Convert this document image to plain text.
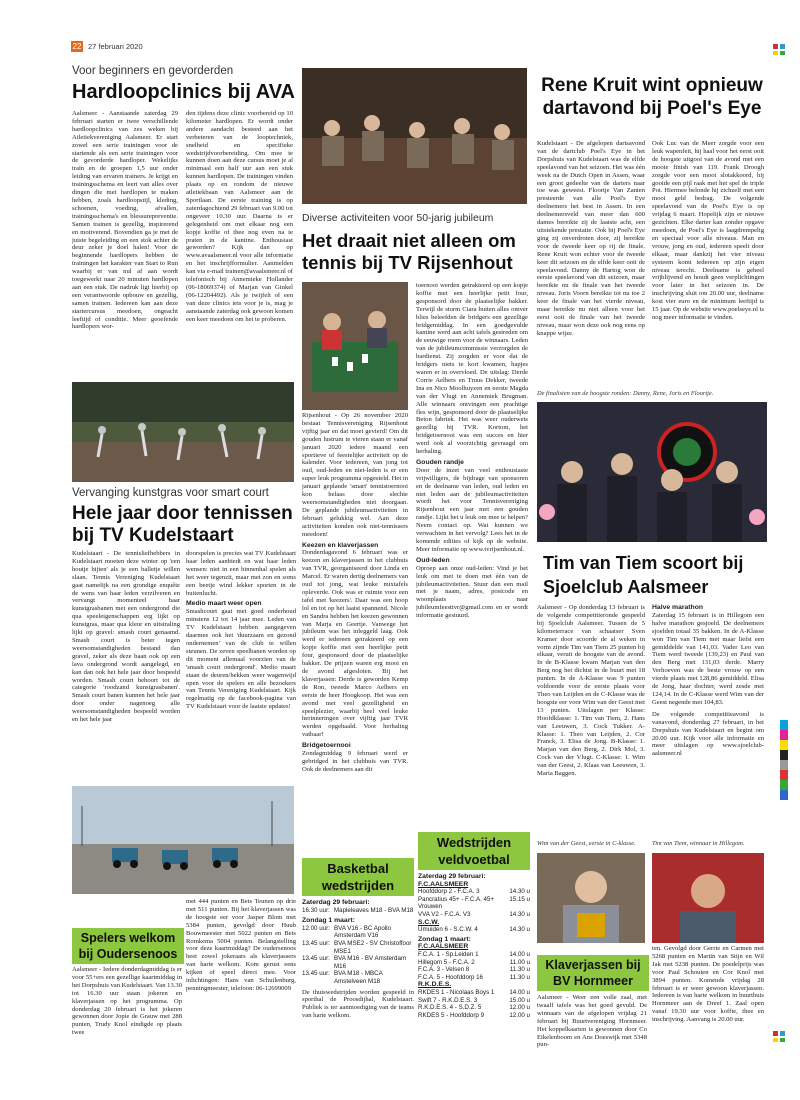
22 27 februari 2020
Voor beginners en gevorderden
Hardloopclinics bij AVA
Aalsmeer - Aanstaande zaterdag 29 februari starten er twee verschillende hardloopclinics van zes weken bij Atletiekvereniging Aalsmeer. Er start zowel een serie trainingen voor de startende als een serie trainingen voor de gevorderde hardloper. Wekelijks train en de groepen 1,5 uur onder leiding van ervaren trainers. Je krijgt en trainingsschema en leert van alles over dingen die met hardlopen te maken hebben, zoals hardloopstijl, kleding, schoenen, voeding, afvallen, trainingsschema's en blessurepreventie. Samen trainen is gezellig, inspirerend en motiverend. Bovendien ga je met de juiste begeleiding en een stok achter de deur zeker je doel halen! Voor de beginnende hardlopers hebben de trainingen het karakter van Start to Run waarbij er van nul af aan wordt toegewerkt naar 20 minuten hardlopen aan een stuk. De nadruk ligt hierbij op een verantwoorde opbouw en gezellig, samen trainen. Iedereen kan aan deze startercursus meedoen, ongeacht leeftijd of conditie. Meer geoefende hardlopers wor-
den tijdens deze clinic voorbereid op 10 kilometer hardlopen. Er wordt onder andere aandacht besteed aan het verbeteren van de looptechniek, snelheid en specifieke wedstrijdvoorbereiding. Om mee te kunnen doen aan deze cursus moet je al minimaal een half uur aan een stuk kunnen hardlopen. De trainingen vinden plaats op en rondom de nieuwe atletiekbaan van Aalsmeer aan de Sportlaan. De eerste training is op zaterdagochtend 29 februari van 9.00 tot ongeveer 10.30 uur. Daarna is er gelegenheid om met elkaar nog een kopje koffie of thee nog even na te praten in de kantine. Enthousiast geworden? Kijk dan op www.avaalsmeer.nl voor alle informatie en het inschrijfformulier. Aanmelden kan via e-mail trainen@avaalsmeer.nl of telefonisch bij Annemieke Hollander (06-18069374) of Marjan van Ginkel (06-12204492). Als je twijfelt of een van deze clinics iets voor je is, mag je aanstaande zaterdag ook gewoon komen een keer meedoen om het te proberen.
Diverse activiteiten voor 50-jarig jubileum
Het draait niet alleen om tennis bij TV Rijsenhout
Rijsenhout - Op 26 november 2020 bestaat Tennisvereniging Rijsenhout vijftig jaar en dat moet gevierd! Om dit gouden lustrum te vieren staan er vanaf januari 2020 iedere maand een sportieve of feestelijke activiteit op de kalender. Voor iedereen, van jong tot oud, oud-leden en niet-leden is er een super leuk programma opgesteld. Het in januari geplande 'smart' tennistoernooi kon helaas door slechte weersomstandigheden niet doorgaan. De geplande jubileumactiviteiten in februari gelukkig wel. Aan deze activiteiten konden ook niet-tennissers meedoen!
Keezen en klaverjassen
Donderdagavond 6 februari was er keezen en klaverjassen in het clubhuis van TVR, georganiseerd door Linda en Marcel. Er waren dertig deelnemers van oud tot jong, wat leuke mixtafels opleverde. Ook was er ruimte voor een tafel met 'keezers'. Daar was een hoop lol en tot op het laatst spannend. Nicole en Sandra hebben het keezen gewonnen van Marja en Geertje. Vanwege het jubileum was het inleggeld laag. Ook werd er iedereen getrakteerd op een kopje koffie met een heerlijke petit four, gesponsord door de plaatselijke bakker. De prijzen waren erg mooi en de avond afgesloten. Bij het klaverjassen: Derde is geworden Kemp de Ron, tweede Marco Aelbers en eerste de heer Hoogkoop. Het was een avond met veel gezelligheid en speelplezier, waarbij heel veel leuke herinneringen over vijftig jaar TVR werden opgehaald. Voor herhaling vatbaar!
Bridgetoernooi
Zondagmiddag 9 februari werd er gebridged in het clubhuis van TVR. Ook de deelnemers aan dit
toernooi werden getrakteerd op een kopje koffie met een heerlijke petit four, gesponsord door de plaatselijke bakker. Terwijl de storm Ciara buiten alles omver blies beleefden de bridgers een gezellige bridgemiddag. In een goedgevulde kantine werd aan acht tafels gestreden om de eeuwige roem voor de winnaars. Leden van de jubileumcommissie verzorgden de bardienst. Zij zorgden er voor dat de bridgers niets te kort kwamen, hapjes waren er in overvloed. De uitslag: Derde Corrie Aelbers en Truus Dekker, tweede Ina en Nico Moolhuyzen en eerste Magda van der Vlugt en Annemiek Brugman. Alle winnaars ontvingen een prachtige fles wijn, gesponsord door de plaatselijke Beton fabriek. Het was weer ouderwets gezellig bij TVR. Kortom, het bridgetoernooi was een succes en hier werd ook al voorzichtig gevraagd om herhaling.
Gouden randje
Door de inzet van veel enthousiaste vrijwilligers, de bijdrage van sponsoren en de deelname van leden, oud leden en niet leden aan de jubileumactiviteiten wordt het voor Tennisvereniging Rijsenhout een jaar met een gouden randje. Lijkt het u leuk om mee te helpen? Neem contact op. Wat kunnen we verwachten in het vervolg? Lees het in de komende edities of kijk op de website. Meer informatie op www.tvrijsenhout.nl.
Oud-leden
Oproep aan onze oud-leden: Vind je het leuk om met te doen met één van de jubileumactiviteiten. Stuur dan een mail met je naam, adres, postcode en woonplaats naar jubileumfeesttvr@gmail.com en er wordt informatie gestuurd.
Rene Kruit wint opnieuw dartavond bij Poel's Eye
Kudelstaart - De afgelopen dartsavond van de dartclub Poel's Eye in het Dorpshuis van Kudelstaart was de elfde speelavond van het seizoen. Het was één week na de Dutch Open in Assen, waar een groot gedeelte van de darters naar toe was geweest. Floortje Van Zanten presteerde van alle Poel's Eye deelnemers het best in Assen. In een deelnemersveld van meer dan 600 dames bereikte zij de laatste acht, een uitstekende prestatie. Ook bij Poel's Eye ging zij onverdroten door, zij bereikte voor de tweede keer op rij de finale. Rene Kruit won echter voor de tweede keer dit seizoen en de elfde keer ooit de speelavond. Danny de Hartog won de eerste speelavond van dit seizoen, maar bereikte nu de finale van het tweede niveau. Joris Voorn bereikte tot nu toe 2 keer de finale van het vierde niveau, maar bereikte nu niet alleen voor het eerst ooit de finale van het tweede niveau, maar won deze ook nog eens op knappe wijze.
Ook Luc van de Meer zorgde voor een leuk wapenfeit, hij haal voor het eerst ooit de hoogste uitgooi van de avond met een mooie finish van 119. Frank Droogh zorgde voor een mooi slotakkoord, hij gooide een pijl raak met het spel de triple Pot. Hiermee belonde hij zichzelf met een mooi geld bedrag. De volgende speelavond van de Poel's Eye is op vrijdag 6 maart. Hopelijk zijn er nieuwe gezichten. Elke darter kan zonder opgave meedoen, de Poel's Eye is laagdrempelig en speciaal voor alle niveaus. Man en vrouw, jong en oud, iedereen speelt door elkaar, maar dankzij het vier niveau systeem komt iedereen op zijn eigen niveau terecht. Deelname is geheel vrijblijvend en houdt geen verplichtingen voor later in het seizoen in. De inschrijving sluit om 20.00 uur, deelname kost vier euro en de minimum leeftijd is 15 jaar. Op de website www.poelseye.nl is nog meer informatie te vinden.
De finalisten van de hoogste ronden: Danny, Rene, Joris en Floortje.
Vervanging kunstgras voor smart court
Hele jaar door tennissen bij TV Kudelstaart
Kudelstaart - De tennisliefhebbers in Kudelstaart moeten deze winter op 'een houtje bijten' als je een balletje willen slaan. Tennis Vereniging Kudelstaart gaat namelijk na een grondige enquête de wens van haar leden verzilveren en vervangt momenteel haar kunstgrasbanen met een ondergrond die qua speeleigenschappen erg lijkt op kunstgras, maar qua kleur en uitstraling lijkt op gravel: smash court genaamd. Smash court is beter tegen weersomstandigheden bestand dan gravel, zeker als deze baan ook op een lava ondergrond wordt aangelegd, en kan dan ook het hele jaar door bespeeld worden. Smash court behoort tot de categorie 'roodzand kunstgrasbanen'. Smash court banen kunnen het hele jaar door onder nagenoeg alle weersomstandigheden bespeeld worden en het hele jaar
doorspelen is precies wat TV Kudelstaart haar leden aanbiedt en wat haar leden wensen: niet in een binnenhal spelen als het weer tegenzit, maar met zon en soms een beetje wind lekker sporten in de buitenlucht.
Medio maart weer open
Smashcourt gaat met goed onderhoud minstens 12 tot 14 jaar mee. Leden van TV Kudelstaart hebben aangegeven daarmee ook het 'duurzaam en gezond ondernemen' van de club te willen steunen. De zeven speelbanen worden op dit moment allemaal voorzien van de 'smash court ondergrond'. Medio maart staan de deuren/hekken weer wagenwijd open voor de spelers en alle bezoekers van Tennis Vereniging Kudelstaart. Kijk regelmatig op de facebook-pagina van TV Kudelstaart voor de laatste updates!
Tim van Tiem scoort bij Sjoelclub Aalsmeer
Aalsmeer - Op donderdag 13 februari is de volgende competitieronde gespeeld bij Sjoelclub Aalsmeer. Tussen de 5 kilometerrace van schaatser Sven Kramer door scoorde de al weken in vorm zijnde Tim van Tiem 25 punten bij elkaar, veruit de hoogste van de avond. In de B-Klasse kwam Marjan van den Berg nog het dichtst in de buurt met 18 punten. In de A-Klasse was 9 punten voldoende voor de eerste plaats voor Theo van Leijden en de C-Klasse was de hoogste eer voor Wim van der Geest met 13 punten. Uitslagen per Klasse: Hoofdklasse: 1. Tim van Tiem, 2. Hans van Leeuwen, 3. Cock Tukker. A-Klasse: 1. Theo van Leijden, 2. Cor Franck, 3. Elisa de Jong. B-Klasse: 1. Marjan van den Berg, 2. Dirk Mol, 3. Cock van der Vlugt. C-Klasse: 1. Wim van der Geest, 2. Klaas van Leeuwen, 3. Maria Baggen.
Halve marathon
Zaterdag 15 februari is in Hillegom een halve marathon gesjoeld. De deelnemers sjoelden totaal 35 bakken. In de A-Klasse won Tim van Tiem met maar liefst een gemiddelde van 141,03. Vader Leo van Tiem werd tweede (139,23) en Paul van den Berg met 131,03 derde. Marry Verhoeven was de beste vrouw op een vierde plaats met 128,86 gemiddeld. Elisa de Jong, haar dochter, werd zesde met 124,14. In de C-Klasse werd Wim van der Geest negende met 104,83.
De volgende competitieavond is vanavond, donderdag 27 februari, in het Dorpshuis van Kudelstaart en begint om 20.00 uur. Kijk voor alle informatie en meer uitslagen op www.sjoelclub-aalsmeer.nl
Wim van der Geest, eerste in C-klasse.	Tim van Tiem, winnaar in Hillegom.
Basketbal
wedstrijden
Zaterdag 29 februari:
16.30 uur: Mapleleaves M18 - BVA M18
Zondag 1 maart:
12.00 uur: BVA V16 - BC Apollo Amsterdam V16
13.45 uur: BVA MSE2 - SV Christoffoor MSE1
13.45 uur: BVA M16 - BV Amsterdam M16
13.45 uur: BVA M18 - MBCA Amstelveen M18
De thuiswedstrijden worden gespeeld in sporthal de Proosdijhal, Kudelstaart. Publiek is ter aanmoediging van de teams van harte welkom.
Wedstrijden
veldvoetbal
Zaterdag 29 februari:
F.C.AALSMEER
Hoofddorp 2 - F.C.A. 3	14.30 u
Pancratius 45+ - F.C.A. 45+	15.15 u
Vrouwen
VVA V2 - F.C.A. V3	14.30 u
S.C.W.
Umuiden 6 - S.C.W. 4	14.30 u
Zondag 1 maart:
F.C.AALSMEER
F.C.A. 1 - Sp.Leiden 1	14.00 u
Hillegom 5 - F.C.A. 2	11.00 u
F.C.A. 3 - Velsen 8	11.30 u
F.C.A. 5 - Hoofddorp 16	11.30 u
R.K.D.E.S.
RKDES 1 - Nicolaas Boys 1	14.00 u
Swift 7 - R.K.D.E.S. 3	15.00 u
R.K.D.E.S. 4 - S.D.Z. 5	12.00 u
RKDES 5 - Hoofddorp 9	12.00 u
Spelers welkom
bij Oudersenoos
Aalsmeer - Iedere donderdagmiddag is er voor 55+ers een gezellige kaartmiddag in het Dorpshuis van Kudelstaart. Van 13.30 tot 16.30 uur staan jokeren en klaverjassen op het programma. Op donderdag 20 februari is het jokeren gewonnen door Jopie de Grauw met 288 punten, Trudy Knol eindigde op plaats twee
met 444 punten en Bets Teunen op drie met 511 punten. Bij het klaverjassen was de hoogste eer voor Jasper Blom met 5384 punten, gevolgd door Huub Bouwmeester met 5022 punten en Bets Romkema 5004 punten. Belangstelling voor deze kaartmiddag? De oudersenoos heet zowel jokeraars als klaverjassers van harte welkom. Kom gerust eens kijken of speel direct mee. Voor inlichtingen: Hans van Schuilenburg, penningmeester, telefoon: 06-12699009
Klaverjassen bij
BV Hornmeer
Aalsmeer - Weer een volle zaal, met twaalf tafels was het goed gevuld. De winnaars van de afgelopen vrijdag 21 februari bij Buurtvereniging Hornmeer. Het koppelkaarten is gewonnen door Co Eikelenboom en Ans Doeswijk met 5348 pun-
ten. Gevolgd door Gerrie en Carmen met 5268 punten en Martin van Stijn en Wil Jak met 5238 punten. De poedelprijs was voor Paul Schouten en Cor Knol met 3894 punten. Komende vrijdag 28 februari is er weer gewoon klaverjassen. Iedereen is van harte welkom in buurthuis Hornmeer aan de Dreef 1. Zaal open vanaf 19.30 uur voor koffie, thee en inschrijving. Aanvang is 20.00 uur.
